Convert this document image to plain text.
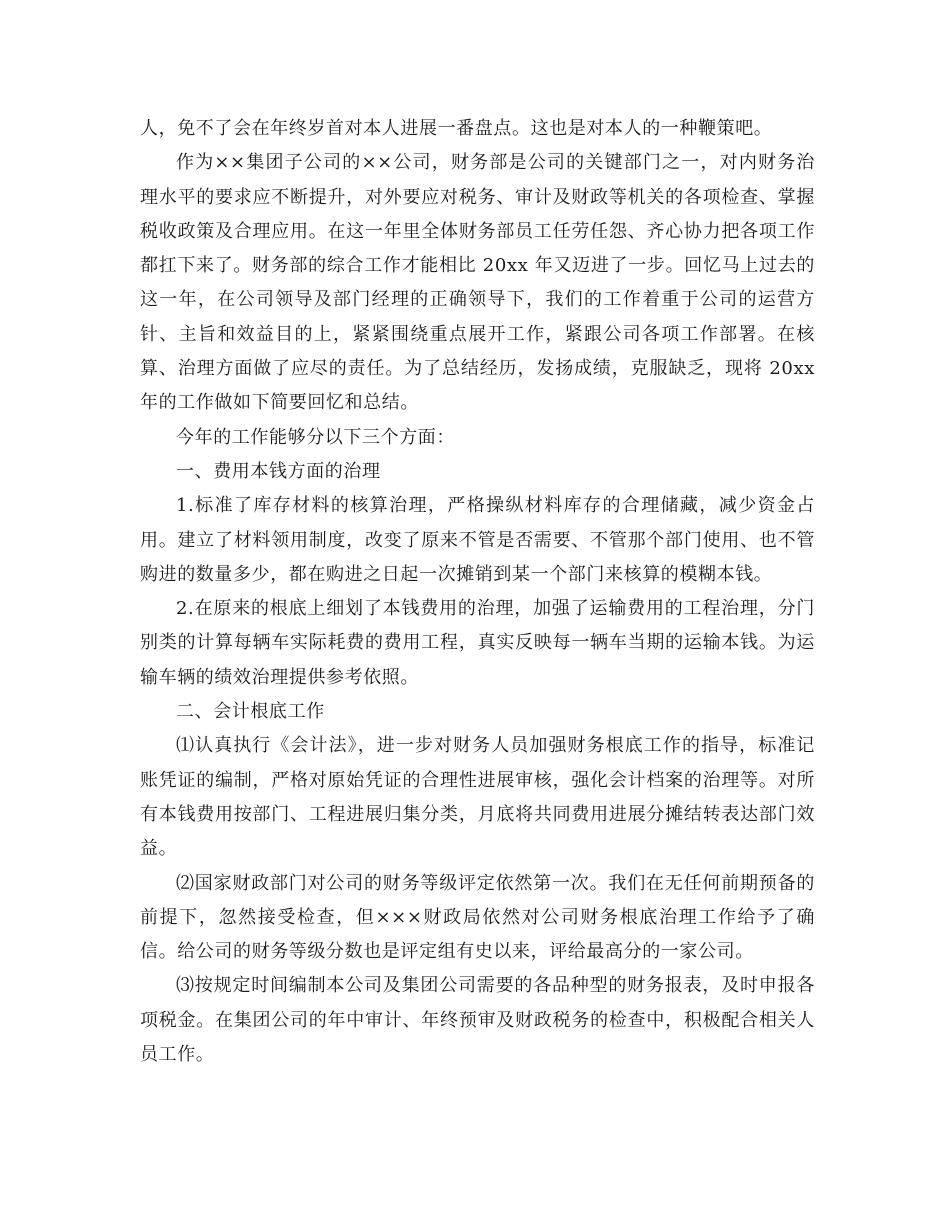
人，免不了会在年终岁首对本人进展一番盘点。这也是对本人的一种鞭策吧。

作为××集团子公司的××公司，财务部是公司的关键部门之一，对内财务治理水平的要求应不断提升，对外要应对税务、审计及财政等机关的各项检查、掌握税收政策及合理应用。在这一年里全体财务部员工任劳任怨、齐心协力把各项工作都扛下来了。财务部的综合工作才能相比 20xx 年又迈进了一步。回忆马上过去的这一年，在公司领导及部门经理的正确领导下，我们的工作着重于公司的运营方针、主旨和效益目的上，紧紧围绕重点展开工作，紧跟公司各项工作部署。在核算、治理方面做了应尽的责任。为了总结经历，发扬成绩，克服缺乏，现将 20xx 年的工作做如下简要回忆和总结。

今年的工作能够分以下三个方面：

一、费用本钱方面的治理

1.标准了库存材料的核算治理，严格操纵材料库存的合理储藏，减少资金占用。建立了材料领用制度，改变了原来不管是否需要、不管那个部门使用、也不管购进的数量多少，都在购进之日起一次摊销到某一个部门来核算的模糊本钱。

2.在原来的根底上细划了本钱费用的治理，加强了运输费用的工程治理，分门别类的计算每辆车实际耗费的费用工程，真实反映每一辆车当期的运输本钱。为运输车辆的绩效治理提供参考依照。

二、会计根底工作

⑴认真执行《会计法》，进一步对财务人员加强财务根底工作的指导，标准记账凭证的编制，严格对原始凭证的合理性进展审核，强化会计档案的治理等。对所有本钱费用按部门、工程进展归集分类，月底将共同费用进展分摊结转表达部门效益。

⑵国家财政部门对公司的财务等级评定依然第一次。我们在无任何前期预备的前提下，忽然接受检查，但×××财政局依然对公司财务根底治理工作给予了确信。给公司的财务等级分数也是评定组有史以来，评给最高分的一家公司。

⑶按规定时间编制本公司及集团公司需要的各品种型的财务报表，及时申报各项税金。在集团公司的年中审计、年终预审及财政税务的检查中，积极配合相关人员工作。
